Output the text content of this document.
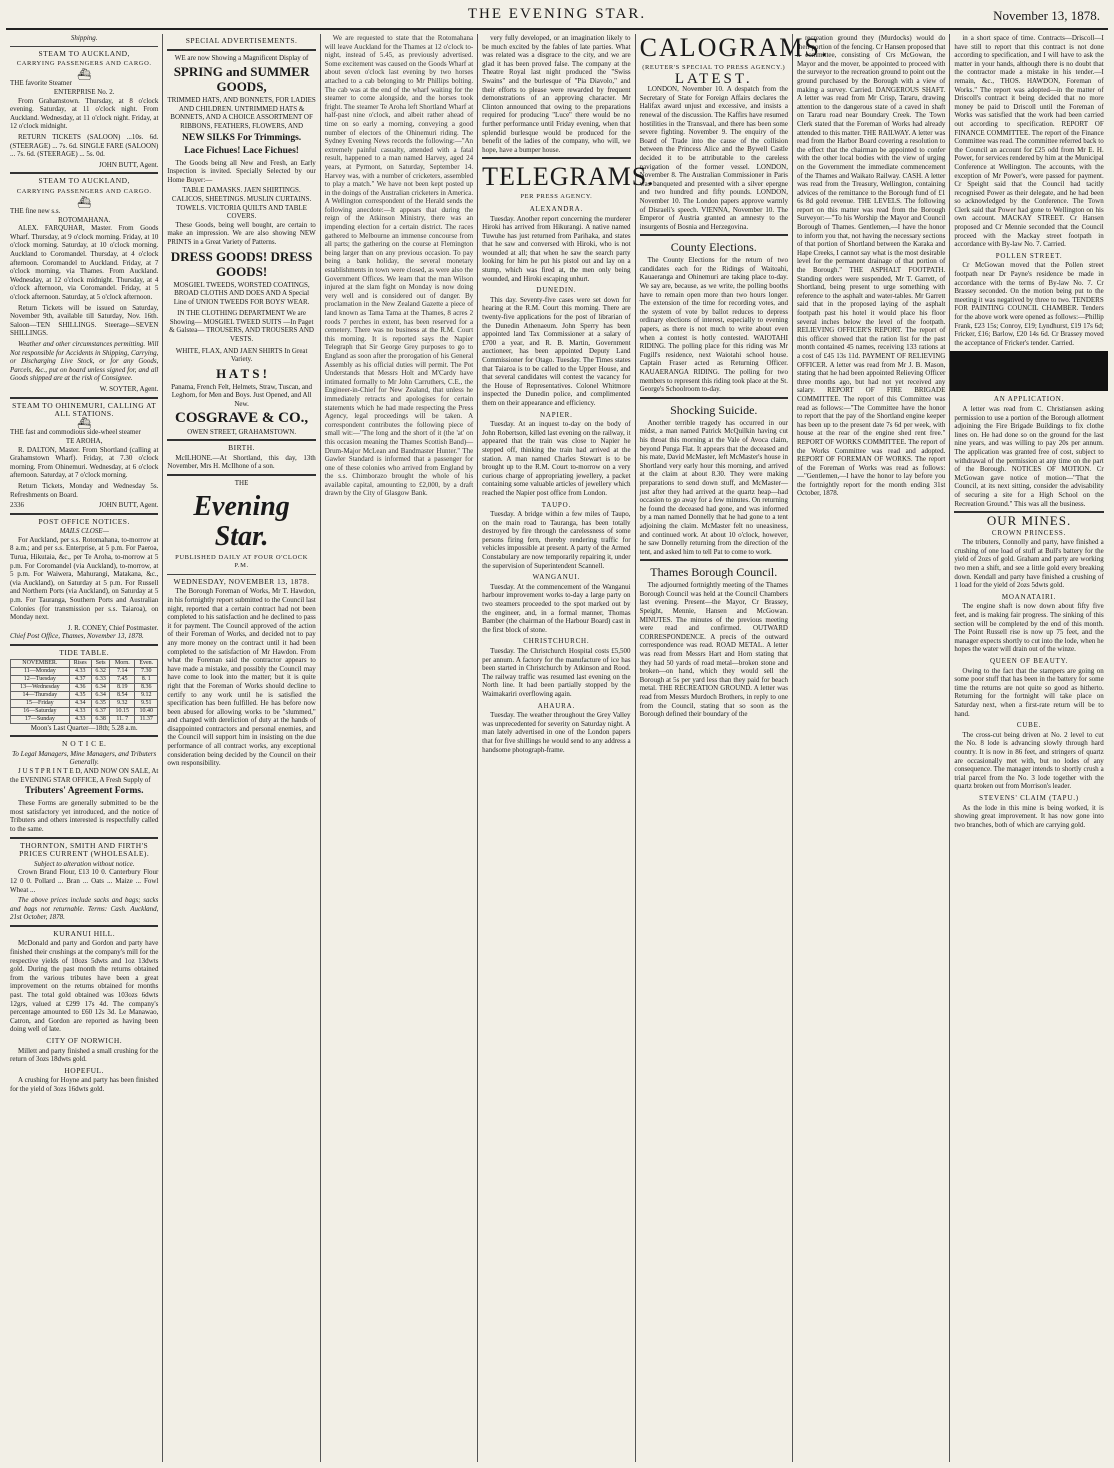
THE EVENING STAR.	November 13, 1878.
Shipping.
STEAM TO AUCKLAND,
CARRYING PASSENGERS AND CARGO.
⛴
THE favorite Steamer
ENTERPRISE No. 2.

From Grahamstown. Thursday, at 8 o'clock evening. Saturday, at 11 o'clock night. From Auckland. Wednesday, at 11 o'clock night. Friday, at 12 o'clock midnight.

RETURN TICKETS (SALOON) ...10s. 6d. (STEERAGE) ... 7s. 6d. SINGLE FARE (SALOON) ... 7s. 6d. (STEERAGE) ... 5s. 0d.

JOHN BUTT, Agent.
STEAM TO AUCKLAND,
CARRYING PASSENGERS AND CARGO.
⛴
THE fine new s.s.
ROTOMAHANA.

ALEX. FARQUHAR, Master. From Goods Wharf. Thursday, at 9 o'clock morning. Friday, at 10 o'clock morning. Saturday, at 10 o'clock morning. Auckland to Coromandel. Thursday, at 4 o'clock afternoon. Coromandel to Auckland. Friday, at 7 o'clock morning, via Thames. From Auckland. Wednesday, at 12 o'clock midnight. Thursday, at 4 o'clock afternoon, via Coromandel. Friday, at 5 o'clock afternoon. Saturday, at 5 o'clock afternoon.

Return Tickets will be issued on Saturday, November 9th, available till Saturday, Nov. 16th. Saloon—TEN SHILLINGS. Steerage—SEVEN SHILLINGS.

Weather and other circumstances permitting. Will Not responsible for Accidents in Shipping, Carrying, or Discharging Live Stock, or for any Goods, Parcels, &c., put on board unless signed for, and all Goods shipped are at the risk of Consignee.

W. SOYTER, Agent.
STEAM TO OHINEMURI, CALLING AT ALL STATIONS.
⛴
THE fast and commodious side-wheel steamer
TE AROHA,

R. DALTON, Master. From Shortland (calling at Grahamstown Wharf). Friday, at 7.30 o'clock morning. From Ohinemuri. Wednesday, at 6 o'clock afternoon. Saturday, at 7 o'clock morning.

Return Tickets, Monday and Wednesday 5s. Refreshments on Board.

2336	JOHN BUTT, Agent.
POST OFFICE NOTICES.
MAILS CLOSE—

For Auckland, per s.s. Rotomahana, to-morrow at 8 a.m.; and per s.s. Enterprise, at 5 p.m. For Paeroa, Turua, Hikutaia, &c., per Te Aroha, to-morrow at 5 p.m. For Coromandel (via Auckland), to-morrow, at 5 p.m. For Waiwera, Mahurangi, Matakana, &c., (via Auckland), on Saturday at 5 p.m. For Russell and Northern Ports (via Auckland), on Saturday at 5 p.m. For Tauranga, Southern Ports and Australian Colonies (for transmission per s.s. Taiaroa), on Monday next.

J. R. CONEY, Chief Postmaster.
Chief Post Office, Thames, November 13, 1878.
TIDE TABLE.
NOVEMBER.	Rises	Sets	Morn.	Even.
11—Monday	4.33	6.32	7.14	7.30
12—Tuesday	4.37	6.33	7.45	8. 1
13—Wednesday	4.36	6.34	8.19	8.36
14—Thursday	4.35	6.34	8.54	9.12
15—Friday	4.34	6.35	9.32	9.51
16—Saturday	4.33	6.37	10.15	10.40
17—Sunday	4.33	6.38	11. 7	11.37
Moon's Last Quarter—18th; 5.28 a.m.
N O T I C E.
To Legal Managers, Mine Managers, and Tributers Generally.

J U S T P R I N T E D, AND NOW ON SALE, At the EVENING STAR OFFICE, A Fresh Supply of

Tributers' Agreement Forms.

These Forms are generally submitted to be the most satisfactory yet introduced, and the notice of Tributers and others interested is respectfully called to the same.

THORNTON, SMITH AND FIRTH'S PRICES CURRENT (WHOLESALE).
Subject to alteration without notice.

Crown Brand Flour, £13 10 0. Canterbury Flour 12 0 0. Pollard ... Bran ... Oats ... Maize ... Fowl Wheat ...

The above prices include sacks and bags; sacks and bags not returnable. Terms: Cash. Auckland, 21st October, 1878.

KURANUI HILL.

McDonald and party and Gordon and party have finished their crushings at the company's mill for the respective yields of 10ozs 5dwts and 1oz 13dwts gold. During the past month the returns obtained from the various tributes have been a great improvement on the returns obtained for months past. The total gold obtained was 103ozs 6dwts 12grs, valued at £299 17s 4d. The company's percentage amounted to £60 12s 3d. Le Manawao, Catron, and Gordon are reported as having been doing well of late.

CITY OF NORWICH.

Millett and party finished a small crushing for the return of 3ozs 18dwts gold.

HOPEFUL.

A crushing for Hoyne and party has been finished for the yield of 3ozs 16dwts gold.

SPECIAL ADVERTISEMENTS.
WE are now Showing a Magnificent Display of
SPRING and SUMMER GOODS,
TRIMMED HATS, AND BONNETS, FOR LADIES AND CHILDREN. UNTRIMMED HATS & BONNETS, AND A CHOICE ASSORTMENT OF RIBBONS, FEATHERS, FLOWERS, AND
NEW SILKS For Trimmings.
Lace Fichues! Lace Fichues!

The Goods being all New and Fresh, an Early Inspection is invited. Specially Selected by our Home Buyer:—

TABLE DAMASKS. JAEN SHIRTINGS. CALICOS, SHEETINGS. MUSLIN CURTAINS. TOWELS. VICTORIA QUILTS AND TABLE COVERS.

These Goods, being well bought, are certain to make an impression. We are also showing NEW PRINTS in a Great Variety of Patterns.

DRESS GOODS! DRESS GOODS!
MOSGIEL TWEEDS, WORSTED COATINGS, BROAD CLOTHS AND DOES AND A Special Line of UNION TWEEDS FOR BOYS' WEAR.
IN THE CLOTHING DEPARTMENT We are Showing— MOSGIEL TWEED SUITS —In Paget & Galstea— TROUSERS, AND TROUSERS AND VESTS.
WHITE, FLAX, AND JAEN SHIRTS In Great Variety.
H A T S !
Panama, French Felt, Helmets, Straw, Tuscan, and Leghorn, for Men and Boys. Just Opened, and All New.
COSGRAVE & CO.,
OWEN STREET, GRAHAMSTOWN.
BIRTH.

McILHONE.—At Shortland, this day, 13th November, Mrs H. McIlhone of a son.

THE
Evening Star.
PUBLISHED DAILY AT FOUR O'CLOCK P.M.
WEDNESDAY, NOVEMBER 13, 1878.

The Borough Foreman of Works, Mr T. Hawdon, in his fortnightly report submitted to the Council last night, reported that a certain contract had not been completed to his satisfaction and he declined to pass it for payment. The Council approved of the action of their Foreman of Works, and decided not to pay any more money on the contract until it had been completed to the satisfaction of Mr Hawdon. From what the Foreman said the contractor appears to have made a mistake, and possibly the Council may have come to look into the matter; but it is quite right that the Foreman of Works should decline to certify to any work until he is satisfied the specification has been fulfilled. He has before now been abused for allowing works to be "slummed," and charged with dereliction of duty at the hands of disappointed contractors and personal enemies, and the Council will support him in insisting on the due performance of all contract works, any exceptional consideration being decided by the Council on their own responsibility.

We are requested to state that the Rotomahana will leave Auckland for the Thames at 12 o'clock to-night, instead of 5.45, as previously advertised. Some excitement was caused on the Goods Wharf at about seven o'clock last evening by two horses attached to a cab belonging to Mr Phillips bolting. The cab was at the end of the wharf waiting for the steamer to come alongside, and the horses took fright. The steamer Te Aroha left Shortland Wharf at half-past nine o'clock, and albeit rather ahead of time on so early a morning, conveying a good number of electors of the Ohinemuri riding. The Sydney Evening News records the following:—"An extremely painful casualty, attended with a fatal result, happened to a man named Harvey, aged 24 years, at Pyrmont, on Saturday, September 14. Harvey was, with a number of cricketers, assembled to play a match." We have not been kept posted up in the doings of the Australian cricketers in America. A Wellington correspondent of the Herald sends the following anecdote:—It appears that during the reign of the Atkinson Ministry, there was an impending election for a certain district. The races gathered to Melbourne an immense concourse from all parts; the gathering on the course at Flemington being larger than on any previous occasion. To pay being a bank holiday, the several monetary establishments in town were closed, as were also the Government Offices. We learn that the man Wilson injured at the slam fight on Monday is now doing very well and is considered out of danger. By proclamation in the New Zealand Gazette a piece of land known as Tama Tama at the Thames, 8 acres 2 roods 7 perches in extent, has been reserved for a cemetery. There was no business at the R.M. Court this morning. It is reported says the Napier Telegraph that Sir George Grey purposes to go to England as soon after the prorogation of his General Assembly as his official duties will permit. The Pot Understands that Messrs Holt and M'Cardy have intimated formally to Mr John Carruthers, C.E., the Engineer-in-Chief for New Zealand, that unless he immediately retracts and apologises for certain statements which he had made respecting the Press Agency, legal proceedings will be taken. A correspondent contributes the following piece of small wit:—"The long and the short of it (the 'at' on this occasion meaning the Thames Scottish Band)—Drum-Major McLean and Bandmaster Hunter." The Gawler Standard is informed that a passenger for one of these colonies who arrived from England by the s.s. Chimborazo brought the whole of his available capital, amounting to £2,000, by a draft drawn by the City of Glasgow Bank.

very fully developed, or an imagination likely to be much excited by the fables of late parties. What was related was a disgrace to the city, and we are glad it has been proved false. The company at the Theatre Royal last night produced the "Swiss Swains" and the burlesque of "Pia Diavolo," and their efforts to please were rewarded by frequent demonstrations of an approving character. Mr Clinton announced that owing to the preparations required for producing "Luce" there would be no further performance until Friday evening, when that splendid burlesque would be produced for the benefit of the ladies of the company, who will, we hope, have a bumper house.

TELEGRAMS.
PER PRESS AGENCY.
ALEXANDRA.

Tuesday. Another report concerning the murderer Hiroki has arrived from Hikurangi. A native named Tuwuhe has just returned from Parihaka, and states that he saw and conversed with Hiroki, who is not wounded at all; that when he saw the search party looking for him he put his pistol out and lay on a stump, which was fired at, the men only being wounded, and Hiroki escaping unhurt.

DUNEDIN.

This day. Seventy-five cases were set down for hearing at the R.M. Court this morning. There are twenty-five applications for the post of librarian of the Dunedin Athenaeum. John Sperry has been appointed land Tax Commissioner at a salary of £700 a year, and R. B. Martin, Government auctioneer, has been appointed Deputy Land Commissioner for Otago. Tuesday. The Times states that Taiaroa is to be called to the Upper House, and that several candidates will contest the vacancy for the House of Representatives. Colonel Whitmore inspected the Dunedin police, and complimented them on their appearance and efficiency.

NAPIER.

Tuesday. At an inquest to-day on the body of John Robertson, killed last evening on the railway, it appeared that the train was close to Napier he stepped off, thinking the train had arrived at the station. A man named Charles Stewart is to be brought up to the R.M. Court to-morrow on a very curious charge of appropriating jewellery, a packet containing some valuable articles of jewellery which reached the Napier post office from London.

TAUPO.

Tuesday. A bridge within a few miles of Taupo, on the main road to Tauranga, has been totally destroyed by fire through the carelessness of some persons firing fern, thereby rendering traffic for vehicles impossible at present. A party of the Armed Constabulary are now temporarily repairing it, under the supervision of Superintendent Scannell.

WANGANUI.

Tuesday. At the commencement of the Wanganui harbour improvement works to-day a large party on two steamers proceeded to the spot marked out by the engineer, and, in a formal manner, Thomas Bamber (the chairman of the Harbour Board) cast in the first block of stone.

CHRISTCHURCH.

Tuesday. The Christchurch Hospital costs £5,500 per annum. A factory for the manufacture of ice has been started in Christchurch by Atkinson and Rood. The railway traffic was resumed last evening on the North line. It had been partially stopped by the Waimakariri overflowing again.

AHAURA.

Tuesday. The weather throughout the Grey Valley was unprecedented for severity on Saturday night. A man lately advertised in one of the London papers that for five shillings he would send to any address a handsome photograph-frame.

CALOGRAMS.
(REUTER'S SPECIAL TO PRESS AGENCY.)
LATEST.

LONDON, November 10. A despatch from the Secretary of State for Foreign Affairs declares the Halifax award unjust and excessive, and insists a renewal of the discussion. The Kaffirs have resumed hostilities in the Transvaal, and there has been some severe fighting. November 9. The enquiry of the Board of Trade into the cause of the collision between the Princess Alice and the Bywell Castle decided it to be attributable to the careless navigation of the former vessel. LONDON, November 8. The Australian Commissioner in Paris was banqueted and presented with a silver epergne and two hundred and fifty pounds. LONDON, November 10. The London papers approve warmly of Disraeli's speech. VIENNA, November 10. The Emperor of Austria granted an amnesty to the insurgents of Bosnia and Herzegovina.

County Elections.

The County Elections for the return of two candidates each for the Ridings of Waitoahi, Kauaeranga and Ohinemuri are taking place to-day. We say are, because, as we write, the polling booths have to remain open more than two hours longer. The extension of the time for recording votes, and the system of vote by ballot reduces to depress ordinary elections of interest, especially to evening papers, as there is not much to write about even when a contest is hotly contested. WAIOTAHI RIDING. The polling place for this riding was Mr Fugill's residence, next Waiotahi school house. Captain Fraser acted as Returning Officer. KAUAERANGA RIDING. The polling for two members to represent this riding took place at the St. George's Schoolroom to-day.

Shocking Suicide.

Another terrible tragedy has occurred in our midst, a man named Patrick McQuilkin having cut his throat this morning at the Vale of Avoca claim, beyond Punga Flat. It appears that the deceased and his mate, David McMaster, left McMaster's house in Shortland very early hour this morning, and arrived at the claim at about 8.30. They were making preparations to send down stuff, and McMaster—just after they had arrived at the quartz heap—had occasion to go away for a few minutes. On returning he found the deceased had gone, and was informed by a man named Donnelly that he had gone to a tent adjoining the claim. McMaster felt no uneasiness, and continued work. At about 10 o'clock, however, he saw Donnelly returning from the direction of the tent, and asked him to tell Pat to come to work.

Thames Borough Council.

The adjourned fortnightly meeting of the Thames Borough Council was held at the Council Chambers last evening. Present—the Mayor, Cr Brassey, Speight, Mennie, Hansen and McGowan. MINUTES. The minutes of the previous meeting were read and confirmed. OUTWARD CORRESPONDENCE. A precis of the outward correspondence was read. ROAD METAL. A letter was read from Messrs Hart and Horn stating that they had 50 yards of road metal—broken stone and broken—on hand, which they would sell the Borough at 5s per yard less than they paid for beach metal. THE RECREATION GROUND. A letter was read from Messrs Murdoch Brothers, in reply to one from the Council, stating that so soon as the Borough defined their boundary of the

recreation ground they (Murdocks) would do their portion of the fencing. Cr Hansen proposed that a committee, consisting of Crs McGowan, the Mayor and the mover, be appointed to proceed with the surveyor to the recreation ground to point out the ground purchased by the Borough with a view of making a survey. Carried. DANGEROUS SHAFT. A letter was read from Mr Crisp, Tararu, drawing attention to the dangerous state of a caved in shaft on Tararu road near Boundary Creek. The Town Clerk stated that the Foreman of Works had already attended to this matter. THE RAILWAY. A letter was read from the Harbor Board covering a resolution to the effect that the chairman be appointed to confer with the other local bodies with the view of urging on the Government the immediate commencement of the Thames and Waikato Railway. CASH. A letter was read from the Treasury, Wellington, containing advices of the remittance to the Borough fund of £1 6s 8d gold revenue. THE LEVELS. The following report on this matter was read from the Borough Surveyor:—"To his Worship the Mayor and Council Borough of Thames. Gentlemen,—I have the honor to inform you that, not having the necessary sections of that portion of Shortland between the Karaka and Hape Creeks, I cannot say what is the most desirable level for the permanent drainage of that portion of the Borough." THE ASPHALT FOOTPATH. Standing orders were suspended, Mr T. Garrett, of Shortland, being present to urge something with reference to the asphalt and water-tables. Mr Garrett said that in the proposed laying of the asphalt footpath past his hotel it would place his floor several inches below the level of the footpath. RELIEVING OFFICER'S REPORT. The report of this officer showed that the ration list for the past month contained 45 names, receiving 133 rations at a cost of £45 13s 11d. PAYMENT OF RELIEVING OFFICER. A letter was read from Mr J. B. Mason, stating that he had been appointed Relieving Officer three months ago, but had not yet received any salary. REPORT OF FIRE BRIGADE COMMITTEE. The report of this Committee was read as follows:—"The Committee have the honor to report that the pay of the Shortland engine keeper has been up to the present date 7s 6d per week, with house at the rear of the engine shed rent free." REPORT OF WORKS COMMITTEE. The report of the Works Committee was read and adopted. REPORT OF FOREMAN OF WORKS. The report of the Foreman of Works was read as follows:—"Gentlemen,—I have the honor to lay before you the fortnightly report for the month ending 31st October, 1878.

in a short space of time. Contracts—Driscoll—I have still to report that this contract is not done according to specification, and I will have to ask the matter in your hands, although there is no doubt that the contractor made a mistake in his tender.—I remain, &c., THOS. HAWDON, Foreman of Works." The report was adopted—in the matter of Driscoll's contract it being decided that no more money be paid to Driscoll until the Foreman of Works was satisfied that the work had been carried out according to specification. REPORT OF FINANCE COMMITTEE. The report of the Finance Committee was read. The committee referred back to the Council an account for £25 odd from Mr E. H. Power, for services rendered by him at the Municipal Conference at Wellington. The accounts, with the exception of Mr Power's, were passed for payment. Cr Speight said that the Council had tacitly recognised Power as their delegate, and he had been so acknowledged by the Conference. The Town Clerk said that Power had gone to Wellington on his own account. MACKAY STREET. Cr Hansen proposed and Cr Mennie seconded that the Council proceed with the Mackay street footpath in accordance with By-law No. 7. Carried.

POLLEN STREET.

Cr McGowan moved that the Pollen street footpath near Dr Payne's residence be made in accordance with the terms of By-law No. 7. Cr Brassey seconded. On the motion being put to the meeting it was negatived by three to two. TENDERS FOR PAINTING COUNCIL CHAMBER. Tenders for the above work were opened as follows:—Phillip Frank, £23 15s; Conroy, £19; Lyndhurst, £19 17s 6d; Fricker, £16; Barlow, £20 14s 6d. Cr Brassey moved the acceptance of Fricker's tender. Carried.

AN APPLICATION.

A letter was read from C. Christiansen asking permission to use a portion of the Borough allotment adjoining the Fire Brigade Buildings to fix clothe lines on. He had done so on the ground for the last nine years, and was willing to pay 20s per annum. The application was granted free of cost, subject to withdrawal of the permission at any time on the part of the Borough. NOTICES OF MOTION. Cr McGowan gave notice of motion—"That the Council, at its next sitting, consider the advisability of securing a site for a High School on the Recreation Ground." This was all the business.

OUR MINES.
CROWN PRINCESS.

The tributers, Connolly and party, have finished a crushing of one load of stuff at Bull's battery for the yield of 2ozs of gold. Graham and party are working two men a shift, and see a little gold every breaking down. Kendall and party have finished a crushing of 1 load for the yield of 2ozs 5dwts gold.

MOANATAIRI.

The engine shaft is now down about fifty five feet, and is making fair progress. The sinking of this section will be completed by the end of this month. The Point Russell rise is now up 75 feet, and the manager expects shortly to cut into the lode, when he hopes the water will drain out of the winze.

QUEEN OF BEAUTY.

Owing to the fact that the stampers are going on some poor stuff that has been in the battery for some time the returns are not quite so good as hitherto. Returning for the fortnight will take place on Saturday next, when a first-rate return will be to hand.

CUBE.

The cross-cut being driven at No. 2 level to cut the No. 8 lode is advancing slowly through hard country. It is now in 86 feet, and stringers of quartz are occasionally met with, but no lodes of any consequence. The manager intends to shortly crush a trial parcel from the No. 3 lode together with the quartz broken out from Morrison's leader.

STEVENS' CLAIM (TAPU.)

As the lode in this mine is being worked, it is showing great improvement. It has now gone into two branches, both of which are carrying gold.
